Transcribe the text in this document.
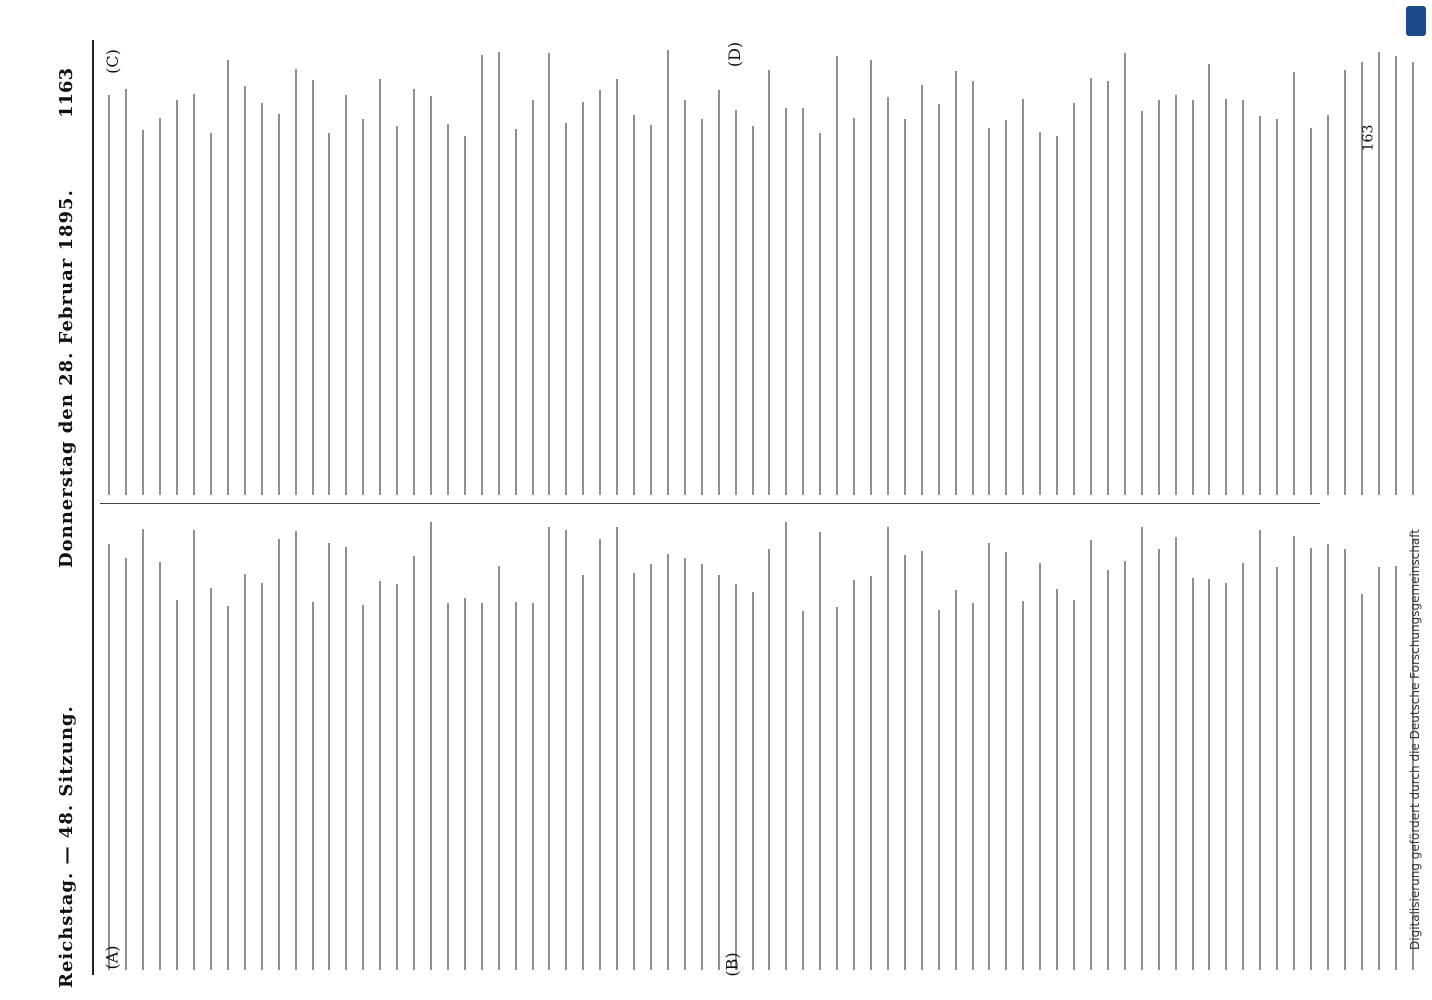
Reichstag. — 48. Sitzung.
Donnerstag den 28. Februar 1895.
1163
(A)	(B)
(C)	(D)
163
Digitalisierung gefördert durch die Deutsche Forschungsgemeinschaft
